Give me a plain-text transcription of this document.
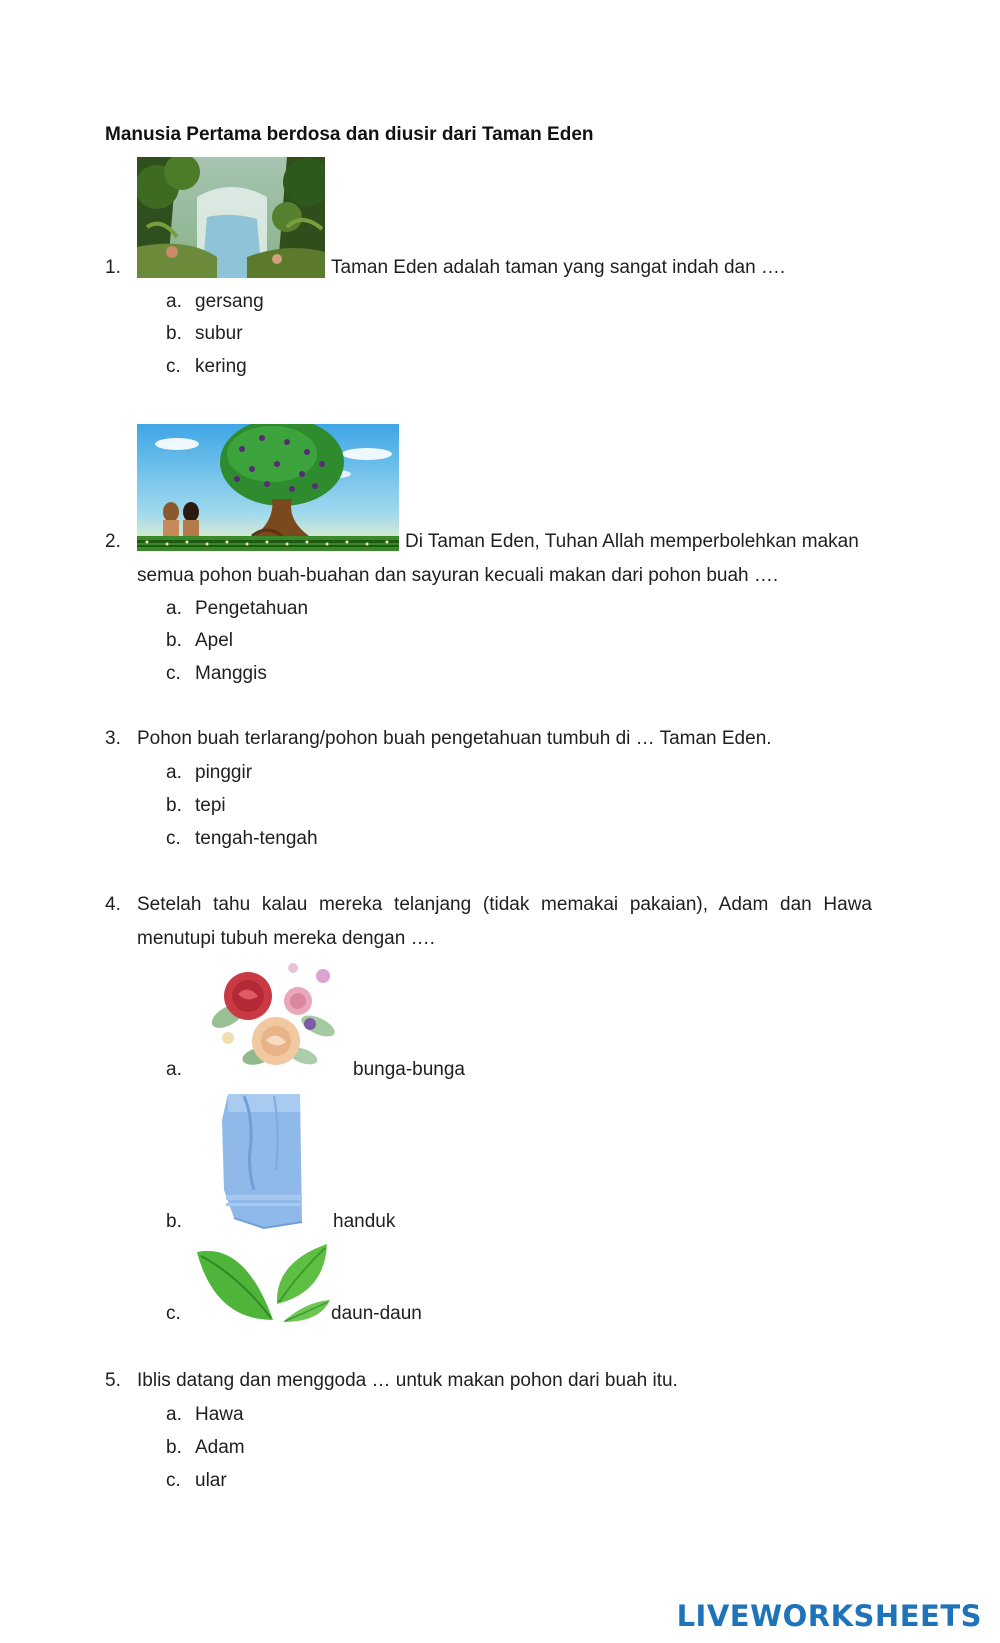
Manusia Pertama berdosa dan diusir dari Taman Eden
1.	Taman Eden adalah taman yang sangat indah dan ….
a. gersang
b. subur
c. kering
2.	Di Taman Eden, Tuhan Allah memperbolehkan makan
semua pohon buah-buahan dan sayuran kecuali makan dari pohon buah ….
a. Pengetahuan
b. Apel
c. Manggis
3. Pohon buah terlarang/pohon buah pengetahuan tumbuh di … Taman Eden.
a. pinggir
b. tepi
c. tengah-tengah
4. Setelah tahu kalau mereka telanjang (tidak memakai pakaian), Adam dan Hawa
menutupi tubuh mereka dengan ….
a.	bunga-bunga
b.	handuk
c.	daun-daun
5. Iblis datang dan menggoda … untuk makan pohon dari buah itu.
a. Hawa
b. Adam
c. ular
LIVEWORKSHEETS
